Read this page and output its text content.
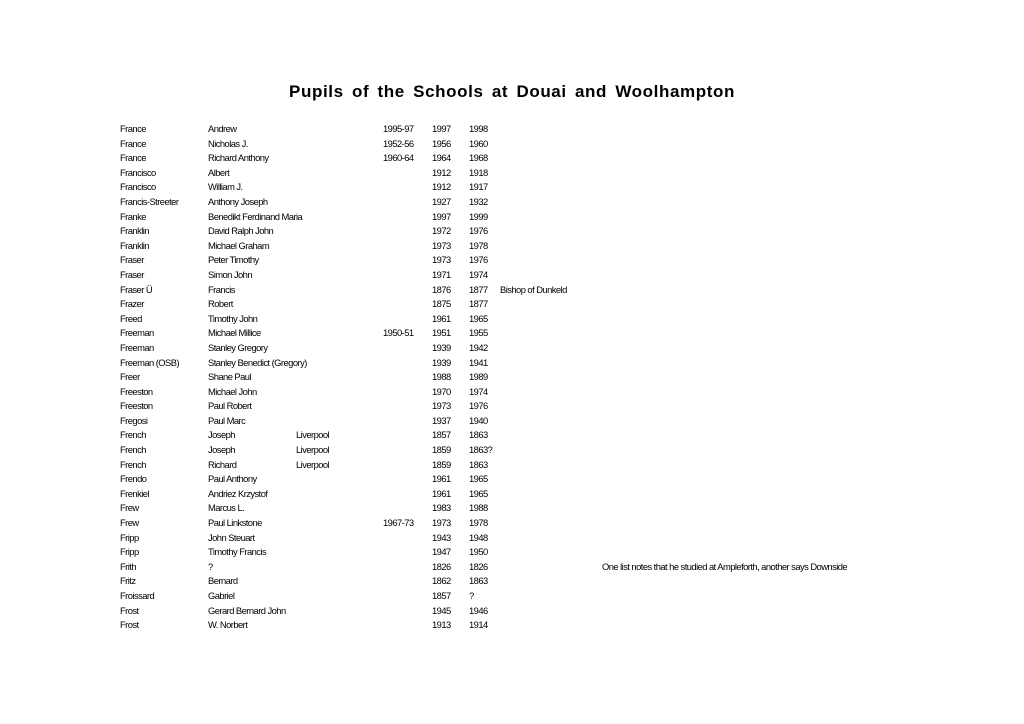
Pupils of the Schools at Douai and Woolhampton
France	Andrew	1995-97 1997 1998
France	Nicholas J.	1952-56 1956 1960
France	Richard Anthony	1960-64 1964 1968
Francisco	Albert	1912 1918
Francisco	William J.	1912 1917
Francis-Streeter	Anthony Joseph	1927 1932
Franke	Benedikt Ferdinand Maria	1997 1999
Franklin	David Ralph John	1972 1976
Franklin	Michael Graham	1973 1978
Fraser	Peter Timothy	1973 1976
Fraser	Simon John	1971 1974
Fraser Ü	Francis	1876 1877 Bishop of Dunkeld
Frazer	Robert	1875 1877
Freed	Timothy John	1961 1965
Freeman	Michael Millice	1950-51 1951 1955
Freeman	Stanley Gregory	1939 1942
Freeman (OSB)	Stanley Benedict (Gregory)	1939 1941
Freer	Shane Paul	1988 1989
Freeston	Michael John	1970 1974
Freeston	Paul Robert	1973 1976
Fregosi	Paul Marc	1937 1940
French	Joseph	Liverpool	1857 1863
French	Joseph	Liverpool	1859 1863?
French	Richard	Liverpool	1859 1863
Frendo	Paul Anthony	1961 1965
Frenkiel	Andriez Krzystof	1961 1965
Frew	Marcus L.	1983 1988
Frew	Paul Linkstone	1967-73 1973 1978
Fripp	John Steuart	1943 1948
Fripp	Timothy Francis	1947 1950
Frith	?	1826 1826	One list notes that he studied at Ampleforth, another says Downside
Fritz	Bernard	1862 1863
Froissard	Gabriel	1857 ?
Frost	Gerard Bernard John	1945 1946
Frost	W. Norbert	1913 1914
